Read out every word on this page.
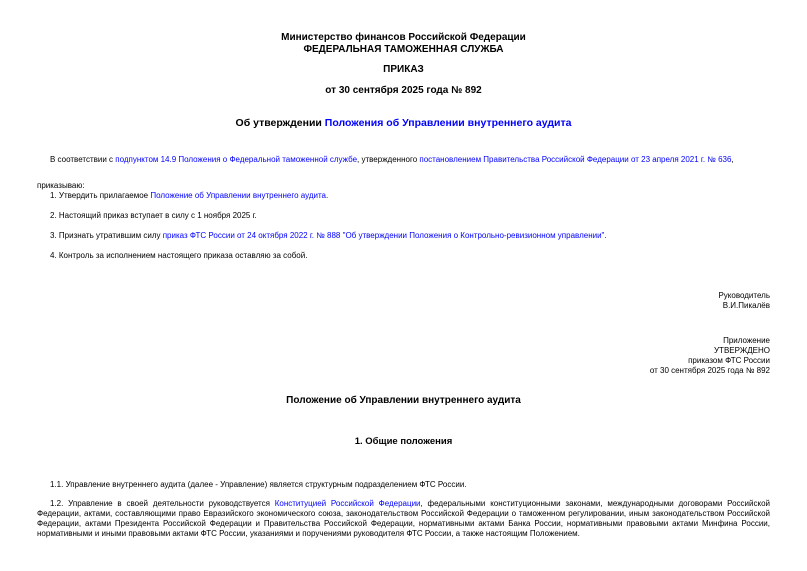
Министерство финансов Российской Федерации
ФЕДЕРАЛЬНАЯ ТАМОЖЕННАЯ СЛУЖБА
ПРИКАЗ
от 30 сентября 2025 года № 892
Об утверждении Положения об Управлении внутреннего аудита

В соответствии с подпунктом 14.9 Положения о Федеральной таможенной службе, утвержденного постановлением Правительства Российской Федерации от 23 апреля 2021 г. № 636,

приказываю:

1. Утвердить прилагаемое Положение об Управлении внутреннего аудита.

2. Настоящий приказ вступает в силу с 1 ноября 2025 г.

3. Признать утратившим силу приказ ФТС России от 24 октября 2022 г. № 888 "Об утверждении Положения о Контрольно-ревизионном управлении".

4. Контроль за исполнением настоящего приказа оставляю за собой.

Руководитель
В.И.Пикалёв
Приложение
УТВЕРЖДЕНО
приказом ФТС России
от 30 сентября 2025 года № 892
Положение об Управлении внутреннего аудита
1. Общие положения

1.1. Управление внутреннего аудита (далее - Управление) является структурным подразделением ФТС России.

1.2. Управление в своей деятельности руководствуется Конституцией Российской Федерации, федеральными конституционными законами, международными договорами Российской Федерации, актами, составляющими право Евразийского экономического союза, законодательством Российской Федерации о таможенном регулировании, иным законодательством Российской Федерации, актами Президента Российской Федерации и Правительства Российской Федерации, нормативными актами Банка России, нормативными правовыми актами Минфина России, нормативными и иными правовыми актами ФТС России, указаниями и поручениями руководителя ФТС России, а также настоящим Положением.
